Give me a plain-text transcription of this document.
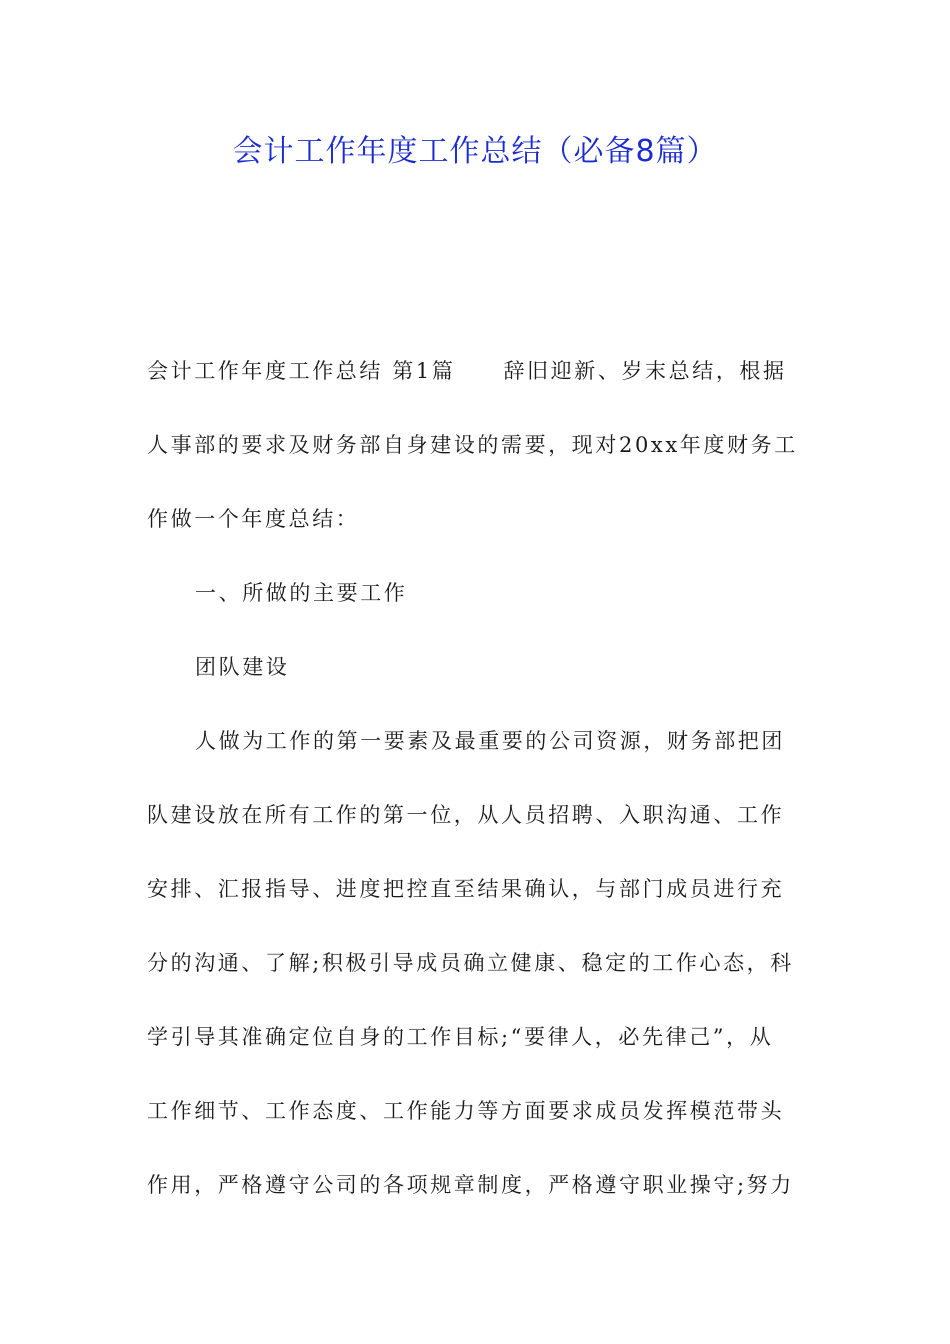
会计工作年度工作总结（必备8篇）
会计工作年度工作总结 第1篇 辞旧迎新、岁末总结，根据
人事部的要求及财务部自身建设的需要，现对20xx年度财务工
作做一个年度总结：
一、所做的主要工作
团队建设
人做为工作的第一要素及最重要的公司资源，财务部把团
队建设放在所有工作的第一位，从人员招聘、入职沟通、工作
安排、汇报指导、进度把控直至结果确认，与部门成员进行充
分的沟通、了解;积极引导成员确立健康、稳定的工作心态，科
学引导其准确定位自身的工作目标;“要律人，必先律己”，从
工作细节、工作态度、工作能力等方面要求成员发挥模范带头
作用，严格遵守公司的各项规章制度，严格遵守职业操守;努力
